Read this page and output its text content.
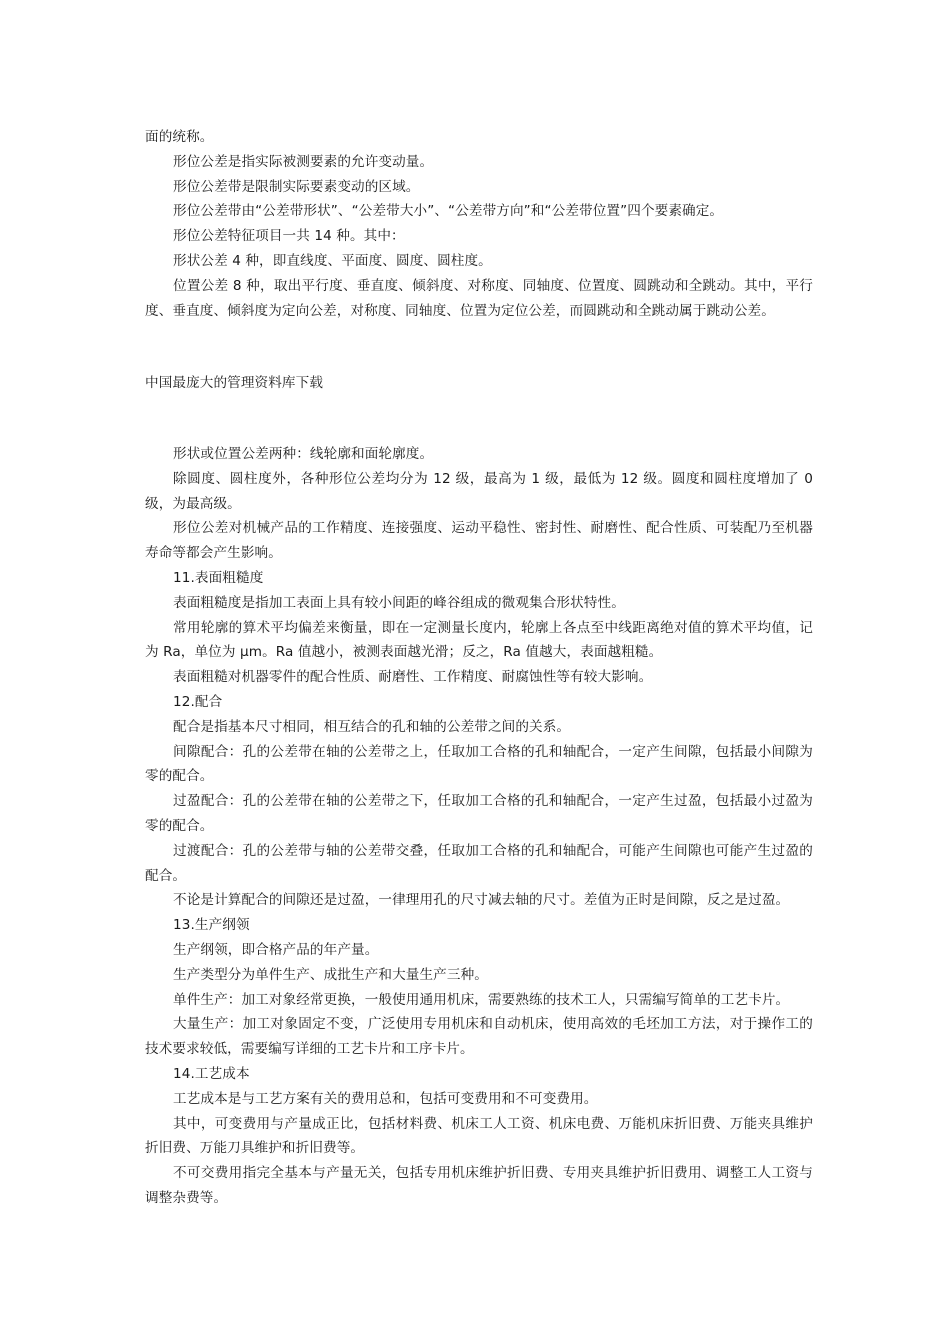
面的统称。

形位公差是指实际被测要素的允许变动量。

形位公差带是限制实际要素变动的区域。

形位公差带由“公差带形状”、“公差带大小”、“公差带方向”和“公差带位置”四个要素确定。

形位公差特征项目一共 14 种。其中：

形状公差 4 种，即直线度、平面度、圆度、圆柱度。

位置公差 8 种，取出平行度、垂直度、倾斜度、对称度、同轴度、位置度、圆跳动和全跳动。其中，平行度、垂直度、倾斜度为定向公差，对称度、同轴度、位置为定位公差，而圆跳动和全跳动属于跳动公差。

中国最庞大的管理资料库下载

形状或位置公差两种：线轮廓和面轮廓度。

除圆度、圆柱度外，各种形位公差均分为 12 级，最高为 1 级，最低为 12 级。圆度和圆柱度增加了 0 级，为最高级。

形位公差对机械产品的工作精度、连接强度、运动平稳性、密封性、耐磨性、配合性质、可装配乃至机器寿命等都会产生影响。

11.表面粗糙度

表面粗糙度是指加工表面上具有较小间距的峰谷组成的微观集合形状特性。

常用轮廓的算术平均偏差来衡量，即在一定测量长度内，轮廓上各点至中线距离绝对值的算术平均值，记为 Ra，单位为 μm。Ra 值越小，被测表面越光滑；反之，Ra 值越大，表面越粗糙。

表面粗糙对机器零件的配合性质、耐磨性、工作精度、耐腐蚀性等有较大影响。

12.配合

配合是指基本尺寸相同，相互结合的孔和轴的公差带之间的关系。

间隙配合：孔的公差带在轴的公差带之上，任取加工合格的孔和轴配合，一定产生间隙，包括最小间隙为零的配合。

过盈配合：孔的公差带在轴的公差带之下，任取加工合格的孔和轴配合，一定产生过盈，包括最小过盈为零的配合。

过渡配合：孔的公差带与轴的公差带交叠，任取加工合格的孔和轴配合，可能产生间隙也可能产生过盈的配合。

不论是计算配合的间隙还是过盈，一律理用孔的尺寸减去轴的尺寸。差值为正时是间隙，反之是过盈。

13.生产纲领

生产纲领，即合格产品的年产量。

生产类型分为单件生产、成批生产和大量生产三种。

单件生产：加工对象经常更换，一般使用通用机床，需要熟练的技术工人，只需编写简单的工艺卡片。

大量生产：加工对象固定不变，广泛使用专用机床和自动机床，使用高效的毛坯加工方法，对于操作工的技术要求较低，需要编写详细的工艺卡片和工序卡片。

14.工艺成本

工艺成本是与工艺方案有关的费用总和，包括可变费用和不可变费用。

其中，可变费用与产量成正比，包括材料费、机床工人工资、机床电费、万能机床折旧费、万能夹具维护折旧费、万能刀具维护和折旧费等。

不可交费用指完全基本与产量无关，包括专用机床维护折旧费、专用夹具维护折旧费用、调整工人工资与调整杂费等。
